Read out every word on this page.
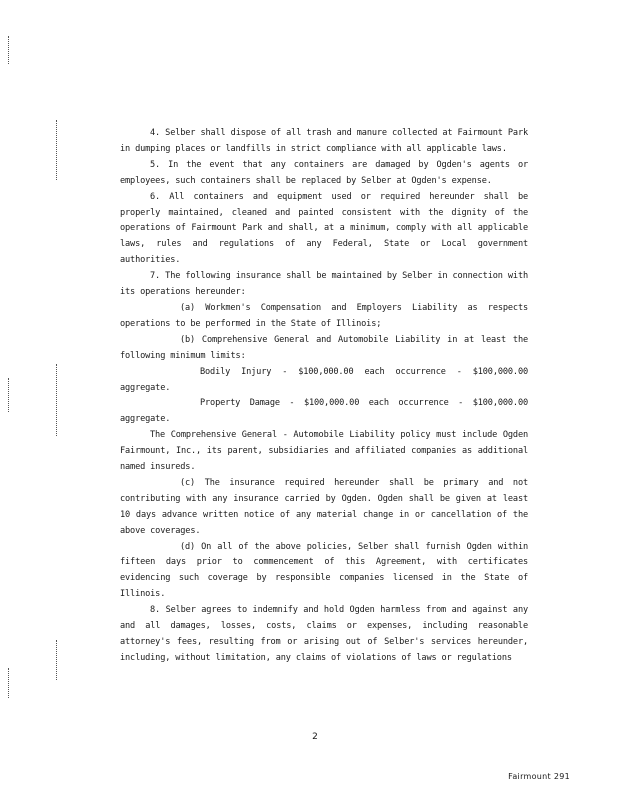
4. Selber shall dispose of all trash and manure collected at Fairmount Park in dumping places or landfills in strict compliance with all applicable laws.

5. In the event that any containers are damaged by Ogden's agents or employees, such containers shall be replaced by Selber at Ogden's expense.

6. All containers and equipment used or required hereunder shall be properly maintained, cleaned and painted consistent with the dignity of the operations of Fairmount Park and shall, at a minimum, comply with all applicable laws, rules and regulations of any Federal, State or Local government authorities.

7. The following insurance shall be maintained by Selber in connection with its operations hereunder:

(a) Workmen's Compensation and Employers Liability as respects operations to be performed in the State of Illinois;

(b) Comprehensive General and Automobile Liability in at least the following minimum limits:

Bodily Injury - $100,000.00 each occurrence - $100,000.00 aggregate.

Property Damage - $100,000.00 each occurrence - $100,000.00 aggregate.

The Comprehensive General - Automobile Liability policy must include Ogden Fairmount, Inc., its parent, subsidiaries and affiliated companies as additional named insureds.

(c) The insurance required hereunder shall be primary and not contributing with any insurance carried by Ogden. Ogden shall be given at least 10 days advance written notice of any material change in or cancellation of the above coverages.

(d) On all of the above policies, Selber shall furnish Ogden within fifteen days prior to commencement of this Agreement, with certificates evidencing such coverage by responsible companies licensed in the State of Illinois.

8. Selber agrees to indemnify and hold Ogden harmless from and against any and all damages, losses, costs, claims or expenses, including reasonable attorney's fees, resulting from or arising out of Selber's services hereunder, including, without limitation, any claims of violations of laws or regulations

2
Fairmount 291
